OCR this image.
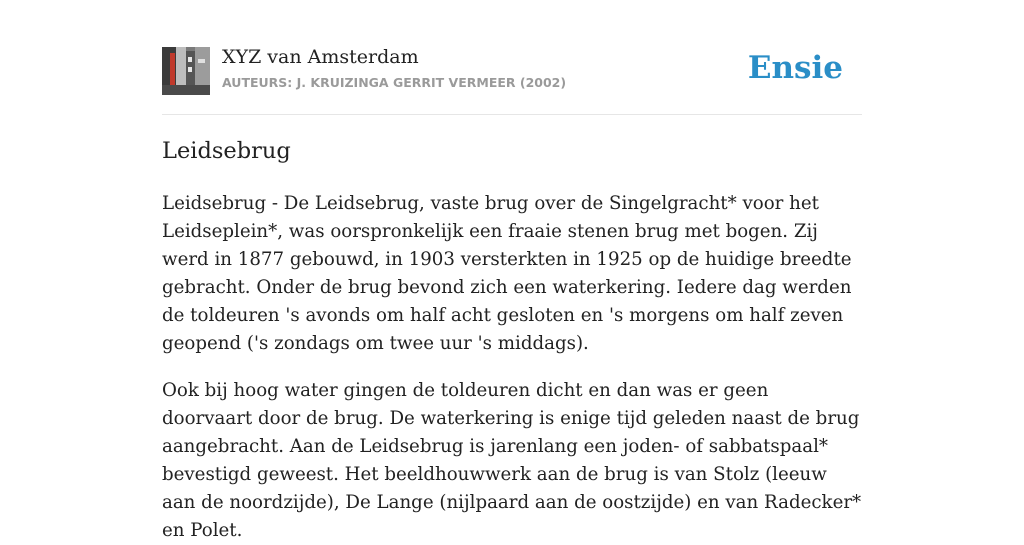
XYZ van Amsterdam
AUTEURS: J. KRUIZINGA GERRIT VERMEER (2002)	Ensie
Leidsebrug

Leidsebrug - De Leidsebrug, vaste brug over de Singelgracht* voor het Leidseplein*, was oorspronkelijk een fraaie stenen brug met bogen. Zij werd in 1877 gebouwd, in 1903 versterkten in 1925 op de huidige breedte gebracht. Onder de brug bevond zich een waterkering. Iedere dag werden de toldeuren 's avonds om half acht gesloten en 's morgens om half zeven geopend ('s zondags om twee uur 's middags).

Ook bij hoog water gingen de toldeuren dicht en dan was er geen doorvaart door de brug. De waterkering is enige tijd geleden naast de brug aangebracht. Aan de Leidsebrug is jarenlang een joden- of sabbatspaal* bevestigd geweest. Het beeldhouwwerk aan de brug is van Stolz (leeuw aan de noordzijde), De Lange (nijlpaard aan de oostzijde) en van Radecker* en Polet.
